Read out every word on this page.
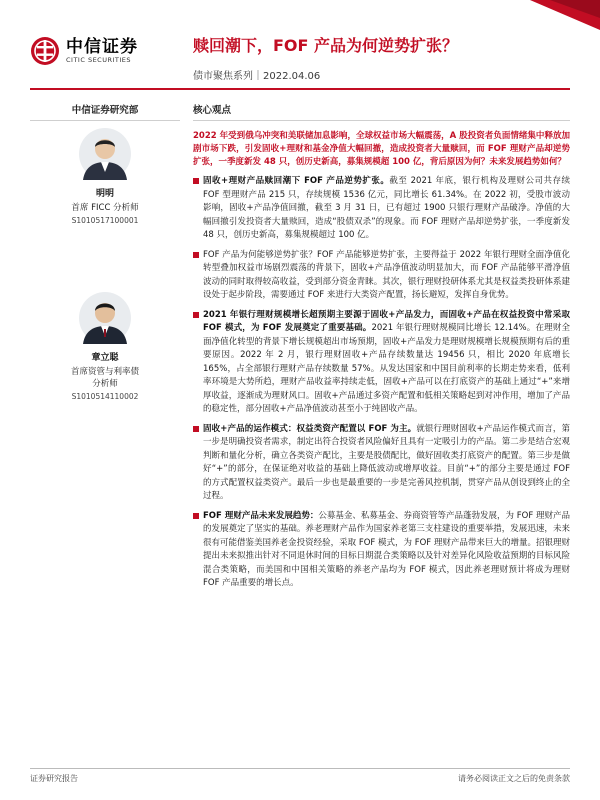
中信证券
CITIC SECURITIES
赎回潮下，FOF 产品为何逆势扩张？
债市聚焦系列｜2022.04.06
中信证券研究部
明明
首席 FICC 分析师
S1010517100001
章立聪
首席资管与利率债
分析师
S1010514110002
核心观点
2022 年受到俄乌冲突和美联储加息影响，全球权益市场大幅震荡，A 股投资者负面情绪集中释放加剧市场下跌，引发固收+理财和基金净值大幅回撤，造成投资者大量赎回，而 FOF 理财产品却逆势扩张，一季度新发 48 只，创历史新高，募集规模超 100 亿，背后原因为何？未来发展趋势如何？
固收+理财产品赎回潮下 FOF 产品逆势扩张。截至 2021 年底，银行机构及理财公司共存续 FOF 型理财产品 215 只，存续规模 1536 亿元，同比增长 61.34%。在 2022 初，受股市波动影响，固收+产品净值回撤，截至 3 月 31 日，已有超过 1900 只银行理财产品破净。净值的大幅回撤引发投资者大量赎回，造成“股债双杀”的现象。而 FOF 理财产品却逆势扩张，一季度新发 48 只，创历史新高，募集规模超过 100 亿。
FOF 产品为何能够逆势扩张？FOF 产品能够逆势扩张，主要得益于 2022 年银行理财全面净值化转型叠加权益市场剧烈震荡的背景下，固收+产品净值波动明显加大，而 FOF 产品能够平滑净值波动的同时取得较高收益，受到部分资金青睐。其次，银行理财投研体系尤其是权益类投研体系建设处于起步阶段，需要通过 FOF 来进行大类资产配置，扬长避短，发挥自身优势。
2021 年银行理财规模增长超预期主要源于固收+产品发力，而固收+产品在权益投资中常采取 FOF 模式，为 FOF 发展奠定了重要基础。2021 年银行理财规模同比增长 12.14%。在理财全面净值化转型的背景下增长规模超出市场预期，固收+产品发力是理财规模增长规模预期有后的重要原因。2022 年 2 月，银行理财固收+产品存续数量达 19456 只，相比 2020 年底增长 165%，占全部银行理财产品存续数量 57%。从发达国家和中国目前利率的长期走势来看，低利率环境是大势所趋，理财产品收益率持续走低，固收+产品可以在打底资产的基础上通过“+”来增厚收益，逐渐成为理财风口。固收+产品通过多资产配置和低相关策略起到对冲作用，增加了产品的稳定性，部分固收+产品净值波动甚至小于纯固收产品。
固收+产品的运作模式：权益类资产配置以 FOF 为主。就银行理财固收+产品运作模式而言，第一步是明确投资者需求，制定出符合投资者风险偏好且具有一定吸引力的产品。第二步是结合宏观判断和量化分析，确立各类资产配比，主要是股债配比，做好固收类打底资产的配置。第三步是做好“+”的部分，在保证绝对收益的基础上降低波动或增厚收益。目前“+”的部分主要是通过 FOF 的方式配置权益类资产。最后一步也是最重要的一步是完善风控机制，贯穿产品从创设到终止的全过程。
FOF 理财产品未来发展趋势：公募基金、私募基金、券商资管等产品蓬勃发展，为 FOF 理财产品的发展奠定了坚实的基础。养老理财产品作为国家养老第三支柱建设的重要举措，发展迅速，未来很有可能借鉴美国养老金投资经验，采取 FOF 模式，为 FOF 理财产品带来巨大的增量。招银理财提出未来拟推出针对不同退休时间的目标日期混合类策略以及针对差异化风险收益预期的目标风险混合类策略，而美国和中国相关策略的养老产品均为 FOF 模式，因此养老理财预计将成为理财 FOF 产品重要的增长点。
证券研究报告	请务必阅读正文之后的免责条款
